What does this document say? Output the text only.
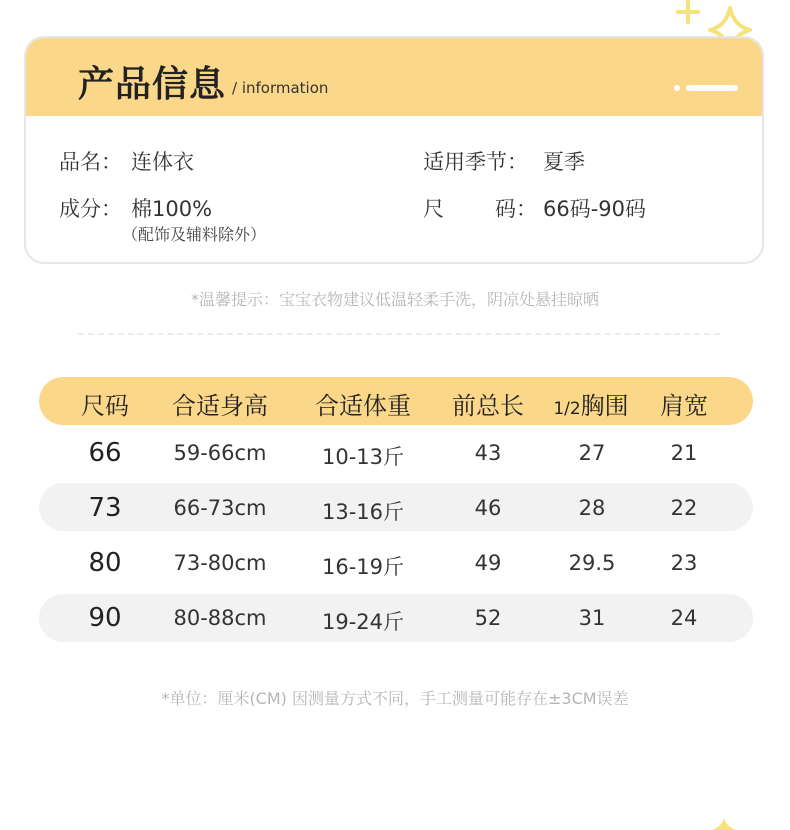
产品信息 / information
品名： 连体衣	适用季节： 夏季
成分： 棉100%
（配饰及辅料除外）
尺 码： 66码-90码
*温馨提示：宝宝衣物建议低温轻柔手洗，阴凉处悬挂晾晒
尺码 合适身高 合适体重 前总长 1/2胸围 肩宽
66 59-66cm	10-13斤	43	27	21
73 66-73cm	13-16斤	46	28	22
80 73-80cm	16-19斤	49	29.5	23
90 80-88cm	19-24斤	52	31	24
*单位：厘米(CM) 因测量方式不同，手工测量可能存在±3CM误差
